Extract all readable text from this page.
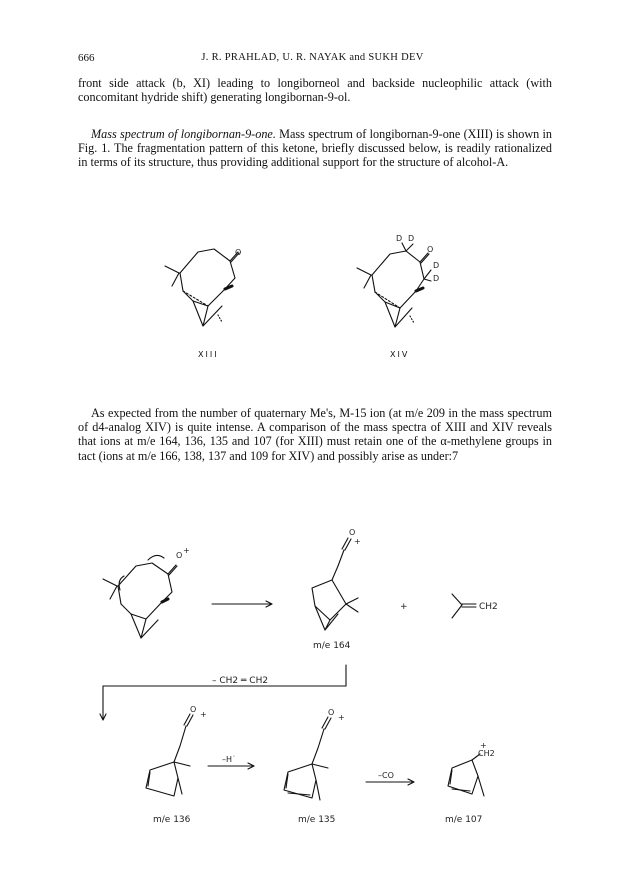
666	J. R. PRAHLAD, U. R. NAYAK and SUKH DEV
front side attack (b, XI) leading to longiborneol and backside nucleophilic attack (with concomitant hydride shift) generating longibornan-9-ol.
Mass spectrum of longibornan-9-one. Mass spectrum of longibornan-9-one (XIII) is shown in Fig. 1. The fragmentation pattern of this ketone, briefly discussed below, is readily rationalized in terms of its structure, thus providing additional support for the structure of alcohol-A.
As expected from the number of quaternary Me's, M-15 ion (at m/e 209 in the mass spectrum of d4-analog XIV) is quite intense. A comparison of the mass spectra of XIII and XIV reveals that ions at m/e 164, 136, 135 and 107 (for XIII) must retain one of the α-methylene groups in tact (ions at m/e 166, 138, 137 and 109 for XIV) and possibly arise as under:7
XIII	XIV
O
D D
O
D
D
O
+
O
+
m/e 164
+	CH2
– CH2 ═ CH2
O
+
m/e 136
–H˙
O
+
m/e 135
–CO
+
CH2
m/e 107
